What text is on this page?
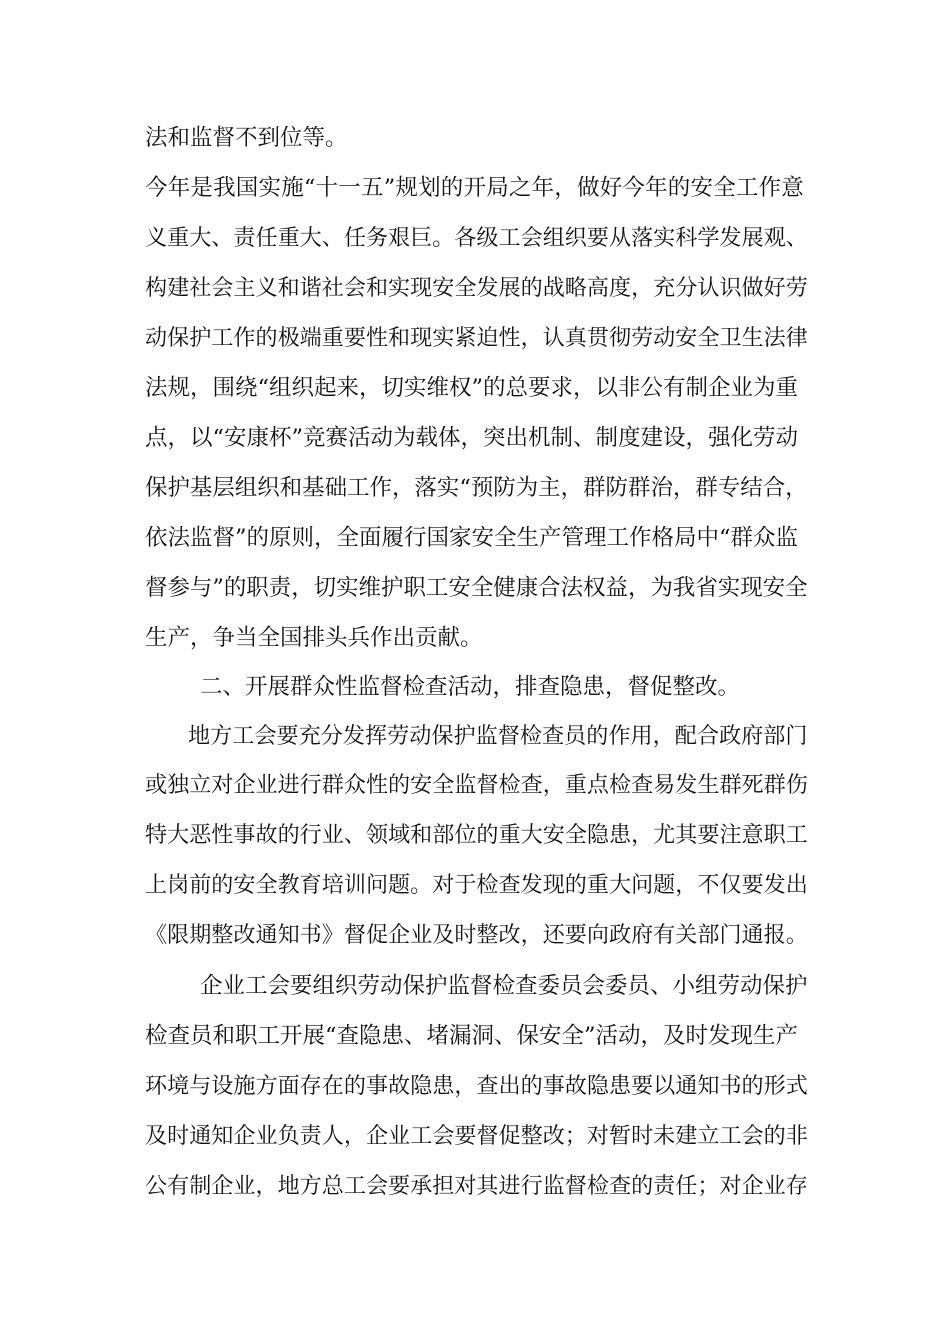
法和监督不到位等。
今年是我国实施“十一五”规划的开局之年，做好今年的安全工作意
义重大、责任重大、任务艰巨。各级工会组织要从落实科学发展观、
构建社会主义和谐社会和实现安全发展的战略高度，充分认识做好劳
动保护工作的极端重要性和现实紧迫性，认真贯彻劳动安全卫生法律
法规，围绕“组织起来，切实维权”的总要求，以非公有制企业为重
点，以“安康杯”竞赛活动为载体，突出机制、制度建设，强化劳动
保护基层组织和基础工作，落实“预防为主，群防群治，群专结合，
依法监督”的原则，全面履行国家安全生产管理工作格局中“群众监
督参与”的职责，切实维护职工安全健康合法权益，为我省实现安全
生产，争当全国排头兵作出贡献。
二、开展群众性监督检查活动，排查隐患，督促整改。
地方工会要充分发挥劳动保护监督检查员的作用，配合政府部门
或独立对企业进行群众性的安全监督检查，重点检查易发生群死群伤
特大恶性事故的行业、领域和部位的重大安全隐患，尤其要注意职工
上岗前的安全教育培训问题。对于检查发现的重大问题，不仅要发出
《限期整改通知书》督促企业及时整改，还要向政府有关部门通报。
企业工会要组织劳动保护监督检查委员会委员、小组劳动保护
检查员和职工开展“查隐患、堵漏洞、保安全”活动，及时发现生产
环境与设施方面存在的事故隐患，查出的事故隐患要以通知书的形式
及时通知企业负责人，企业工会要督促整改；对暂时未建立工会的非
公有制企业，地方总工会要承担对其进行监督检查的责任；对企业存
